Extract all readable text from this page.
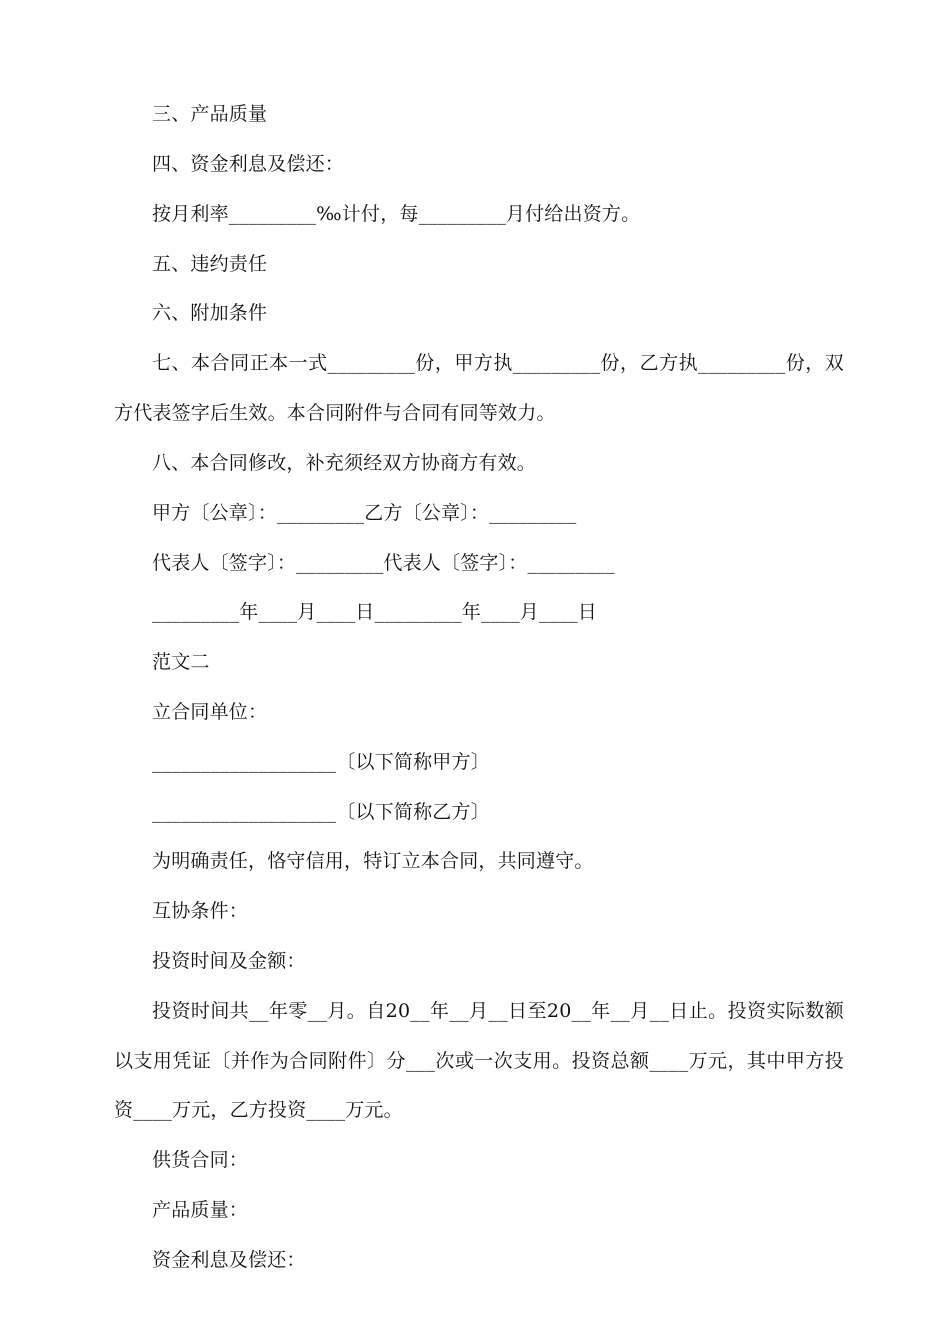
三、产品质量
四、资金利息及偿还：
按月利率_________‰计付，每_________月付给出资方。
五、违约责任
六、附加条件
七、本合同正本一式_________份，甲方执_________份，乙方执_________份，双
方代表签字后生效。本合同附件与合同有同等效力。
八、本合同修改，补充须经双方协商方有效。
甲方〔公章〕：_________乙方〔公章〕：_________
代表人〔签字〕：_________代表人〔签字〕：_________
_________年____月____日_________年____月____日
范文二
立合同单位：
___________________〔以下简称甲方〕
___________________〔以下简称乙方〕
为明确责任，恪守信用，特订立本合同，共同遵守。
互协条件：
投资时间及金额：
投资时间共__年零__月。自20__年__月__日至20__年__月__日止。投资实际数额
以支用凭证〔并作为合同附件〕分___次或一次支用。投资总额____万元，其中甲方投
资____万元，乙方投资____万元。
供货合同：
产品质量：
资金利息及偿还：
